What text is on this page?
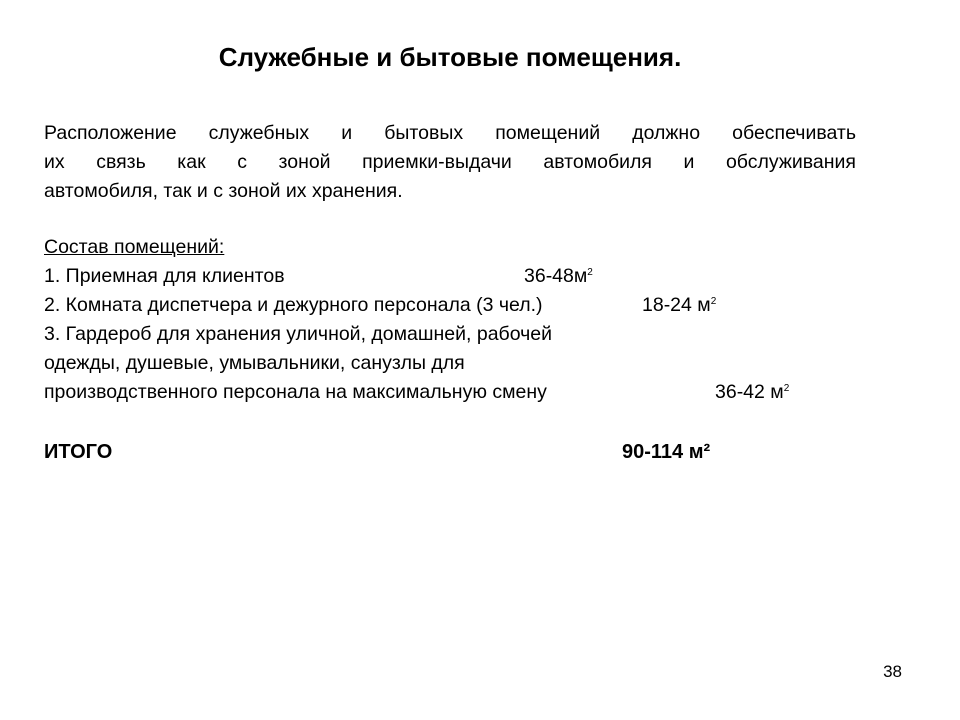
Служебные и бытовые помещения.
Расположение служебных и бытовых помещений должно обеспечивать
их связь как с зоной приемки-выдачи автомобиля и обслуживания
автомобиля, так и с зоной их хранения.
Состав помещений:
1. Приемная для клиентов	$36-48м^2$
2. Комната диспетчера и дежурного персонала (3 чел.)	18-24 $м^2$
3. Гардероб для хранения уличной, домашней, рабочей
одежды, душевые, умывальники, санузлы для
производственного персонала на максимальную смену	36-42 $м^2$
ИТОГО	90-114 м²
38
